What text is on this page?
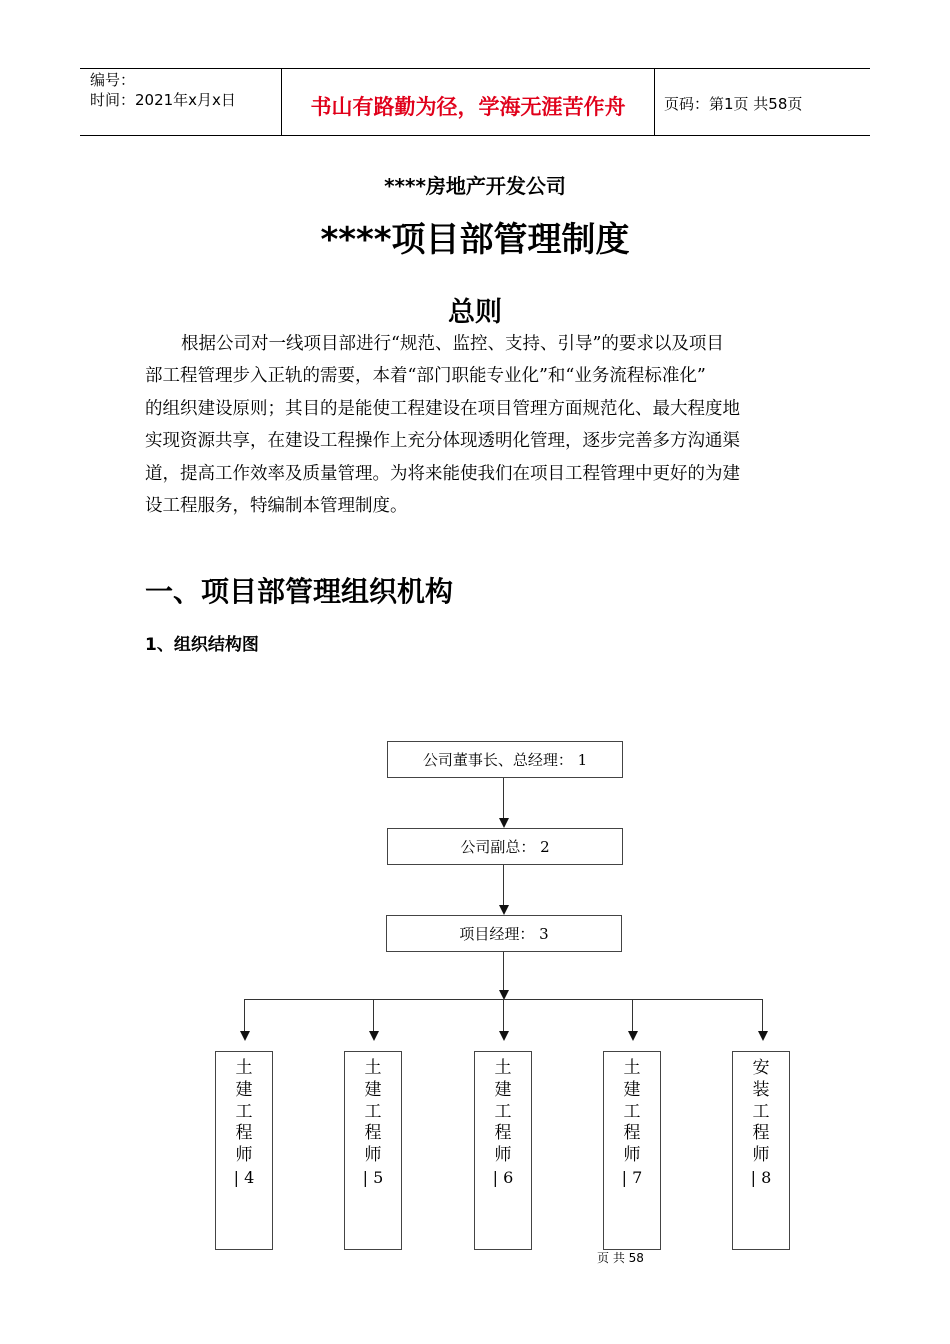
编号：
时间：2021年x月x日	书山有路勤为径，学海无涯苦作舟	页码：第1页 共58页
****房地产开发公司
****项目部管理制度
总则
根据公司对一线项目部进行“规范、监控、支持、引导”的要求以及项目
部工程管理步入正轨的需要，本着“部门职能专业化”和“业务流程标准化”
的组织建设原则；其目的是能使工程建设在项目管理方面规范化、最大程度地
实现资源共享，在建设工程操作上充分体现透明化管理，逐步完善多方沟通渠
道，提高工作效率及质量管理。为将来能使我们在项目工程管理中更好的为建
设工程服务，特编制本管理制度。
一、项目部管理组织机构
1、组织结构图
公司董事长、总经理： 1
公司副总： 2
项目经理： 3
土
建
工
程
师
| 4
土
建
工
程
师
| 5
土
建
工
程
师
| 6
土
建
工
程
师
| 7
安
装
工
程
师
| 8
页 共 58
